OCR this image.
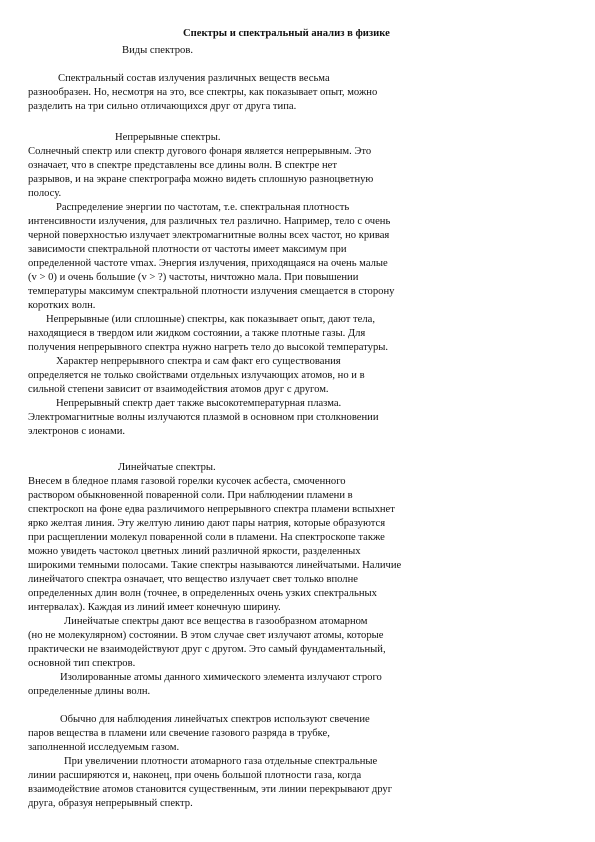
Спектры и спектральный анализ в физике
Виды спектров.
Спектральный состав излучения различных веществ весьма
разнообразен. Но, несмотря на это, все спектры, как показывает опыт, можно
разделить на три сильно отличающихся друг от друга типа.
Непрерывные спектры.
Солнечный спектр или спектр дугового фонаря является непрерывным. Это
означает, что в спектре представлены все длины волн. В спектре нет
разрывов, и на экране спектрографа можно видеть сплошную разноцветную
полосу.
Распределение энергии по частотам, т.е. спектральная плотность
интенсивности излучения, для различных тел различно. Например, тело с очень
черной поверхностью излучает электромагнитные волны всех частот, но кривая
зависимости спектральной плотности от частоты имеет максимум при
определенной частоте vmax. Энергия излучения, приходящаяся на очень малые
(v > 0) и очень большие (v > ?) частоты, ничтожно мала. При повышении
температуры максимум спектральной плотности излучения смещается в сторону
коротких волн.
Непрерывные (или сплошные) спектры, как показывает опыт, дают тела,
находящиеся в твердом или жидком состоянии, а также плотные газы. Для
получения непрерывного спектра нужно нагреть тело до высокой температуры.
Характер непрерывного спектра и сам факт его существования
определяется не только свойствами отдельных излучающих атомов, но и в
сильной степени зависит от взаимодействия атомов друг с другом.
Непрерывный спектр дает также высокотемпературная плазма.
Электромагнитные волны излучаются плазмой в основном при столкновении
электронов с ионами.
Линейчатые спектры.
Внесем в бледное пламя газовой горелки кусочек асбеста, смоченного
раствором обыкновенной поваренной соли. При наблюдении пламени в
спектроскоп на фоне едва различимого непрерывного спектра пламени вспыхнет
ярко желтая линия. Эту желтую линию дают пары натрия, которые образуются
при расщеплении молекул поваренной соли в пламени. На спектроскопе также
можно увидеть частокол цветных линий различной яркости, разделенных
широкими темными полосами. Такие спектры называются линейчатыми. Наличие
линейчатого спектра означает, что вещество излучает свет только вполне
определенных длин волн (точнее, в определенных очень узких спектральных
интервалах). Каждая из линий имеет конечную ширину.
Линейчатые спектры дают все вещества в газообразном атомарном
(но не молекулярном) состоянии. В этом случае свет излучают атомы, которые
практически не взаимодействуют друг с другом. Это самый фундаментальный,
основной тип спектров.
Изолированные атомы данного химического элемента излучают строго
определенные длины волн.
Обычно для наблюдения линейчатых спектров используют свечение
паров вещества в пламени или свечение газового разряда в трубке,
заполненной исследуемым газом.
При увеличении плотности атомарного газа отдельные спектральные
линии расширяются и, наконец, при очень большой плотности газа, когда
взаимодействие атомов становится существенным, эти линии перекрывают друг
друга, образуя непрерывный спектр.
